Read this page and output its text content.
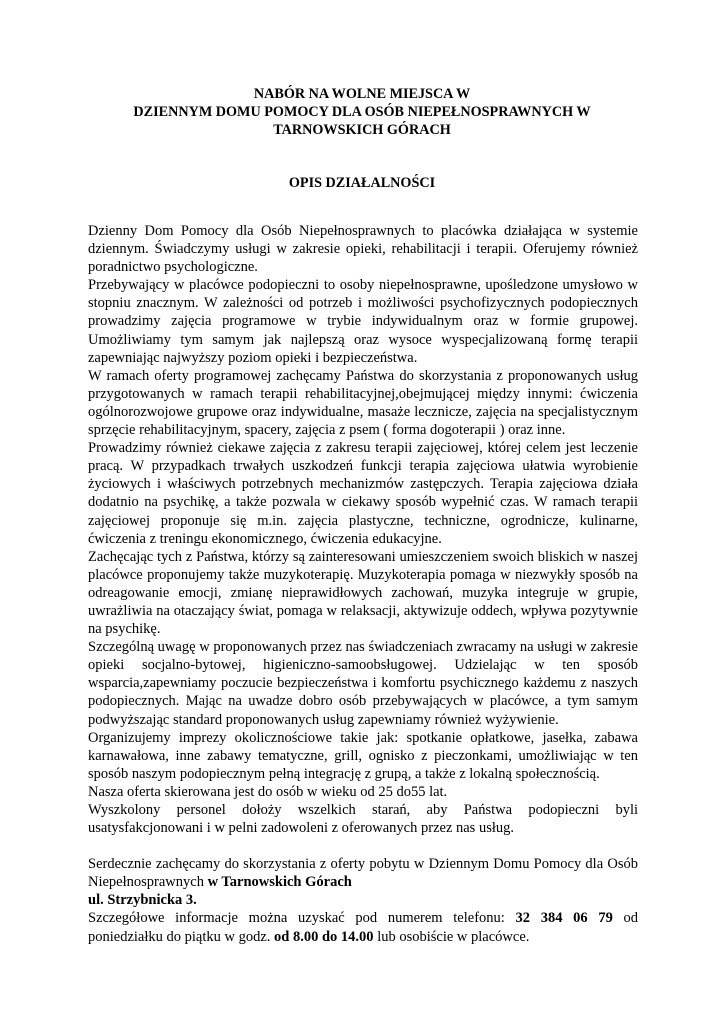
NABÓR NA WOLNE MIEJSCA W
DZIENNYM DOMU POMOCY DLA OSÓB NIEPEŁNOSPRAWNYCH W
TARNOWSKICH GÓRACH
OPIS DZIAŁALNOŚCI

Dzienny Dom Pomocy dla Osób Niepełnosprawnych to placówka działająca w systemie dziennym. Świadczymy usługi w zakresie opieki, rehabilitacji i terapii. Oferujemy również poradnictwo psychologiczne.

Przebywający w placówce podopieczni to osoby niepełnosprawne, upośledzone umysłowo w stopniu znacznym. W zależności od potrzeb i możliwości psychofizycznych podopiecznych prowadzimy zajęcia programowe w trybie indywidualnym oraz w formie grupowej. Umożliwiamy tym samym jak najlepszą oraz wysoce wyspecjalizowaną formę terapii zapewniając najwyższy poziom opieki i bezpieczeństwa.

W ramach oferty programowej zachęcamy Państwa do skorzystania z proponowanych usług przygotowanych w ramach terapii rehabilitacyjnej,obejmującej między innymi: ćwiczenia ogólnorozwojowe grupowe oraz indywidualne, masaże lecznicze, zajęcia na specjalistycznym sprzęcie rehabilitacyjnym, spacery, zajęcia z psem ( forma dogoterapii ) oraz inne.

Prowadzimy również ciekawe zajęcia z zakresu terapii zajęciowej, której celem jest leczenie pracą. W przypadkach trwałych uszkodzeń funkcji terapia zajęciowa ułatwia wyrobienie życiowych i właściwych potrzebnych mechanizmów zastępczych. Terapia zajęciowa działa dodatnio na psychikę, a także pozwala w ciekawy sposób wypełnić czas. W ramach terapii zajęciowej proponuje się m.in. zajęcia plastyczne, techniczne, ogrodnicze, kulinarne, ćwiczenia z treningu ekonomicznego, ćwiczenia edukacyjne.

Zachęcając tych z Państwa, którzy są zainteresowani umieszczeniem swoich bliskich w naszej placówce proponujemy także muzykoterapię. Muzykoterapia pomaga w niezwykły sposób na odreagowanie emocji, zmianę nieprawidłowych zachowań, muzyka integruje w grupie, uwrażliwia na otaczający świat, pomaga w relaksacji, aktywizuje oddech, wpływa pozytywnie na psychikę.

Szczególną uwagę w proponowanych przez nas świadczeniach zwracamy na usługi w zakresie opieki socjalno-bytowej, higieniczno-samoobsługowej. Udzielając w ten sposób wsparcia,zapewniamy poczucie bezpieczeństwa i komfortu psychicznego każdemu z naszych podopiecznych. Mając na uwadze dobro osób przebywających w placówce, a tym samym podwyższając standard proponowanych usług zapewniamy również wyżywienie.

Organizujemy imprezy okolicznościowe takie jak: spotkanie opłatkowe, jasełka, zabawa karnawałowa, inne zabawy tematyczne, grill, ognisko z pieczonkami, umożliwiając w ten sposób naszym podopiecznym pełną integrację z grupą, a także z lokalną społecznością.

Nasza oferta skierowana jest do osób w wieku od 25 do55 lat.

Wyszkolony personel dołoży wszelkich starań, aby Państwa podopieczni byli usatysfakcjonowani i w pelni zadowoleni z oferowanych przez nas usług.

Serdecznie zachęcamy do skorzystania z oferty pobytu w Dziennym Domu Pomocy dla Osób Niepełnosprawnych w Tarnowskich Górach

ul. Strzybnicka 3.

Szczegółowe informacje można uzyskać pod numerem telefonu: 32 384 06 79 od poniedziałku do piątku w godz. od 8.00 do 14.00 lub osobiście w placówce.
